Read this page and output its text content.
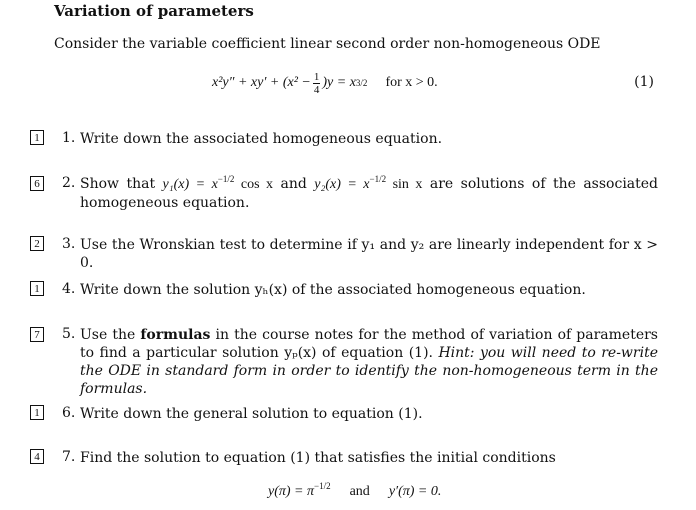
Variation of parameters
Consider the variable coefficient linear second order non-homogeneous ODE
$x^2y'' + xy' + (x^2 - \frac{1}{4} )y = x$ 3/2 for x > 0.	(1)
1	1. Write down the associated homogeneous equation.
6	2. Show that $y_1(x) = x^{-1/2}$ cos x and $y_2(x) = x^{-1/2}$ sin x are solutions of the associated homogeneous equation.
2	3. Use the Wronskian test to determine if y₁ and y₂ are linearly independent for x > 0.
1	4. Write down the solution yₕ(x) of the associated homogeneous equation.
7	5. Use the formulas in the course notes for the method of variation of parameters to find a particular solution yₚ(x) of equation (1). Hint: you will need to re-write the ODE in standard form in order to identify the non-homogeneous term in the formulas.
1	6. Write down the general solution to equation (1).
4	7. Find the solution to equation (1) that satisfies the initial conditions
$y(\pi) = \pi^{-1/2}$ and y′(π) = 0.
